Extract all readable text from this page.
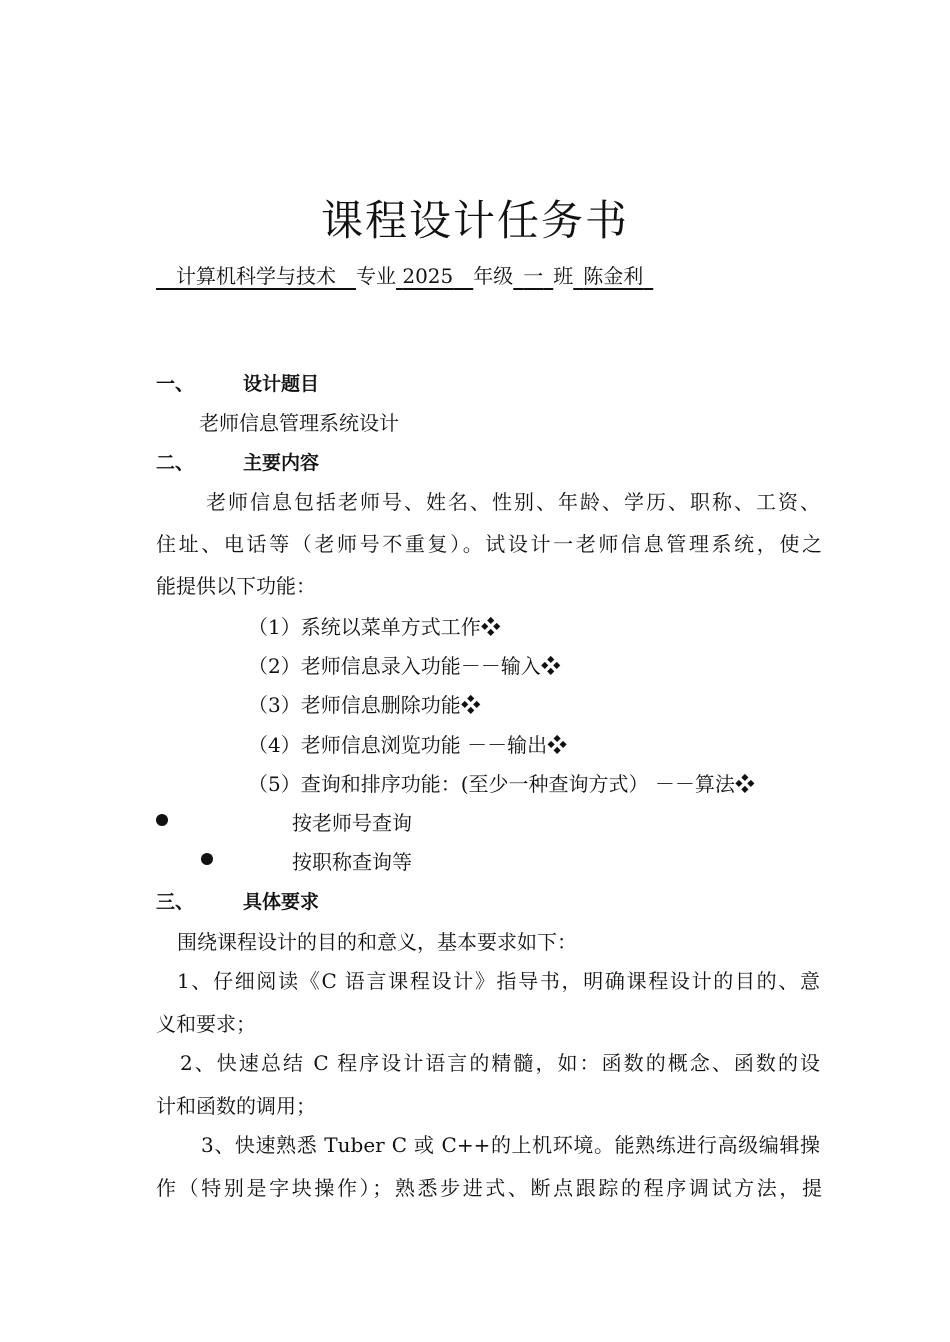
课程设计任务书
 计算机科学与技术  专业 2025  年级  一  班  陈金利 
一、	设计题目
老师信息管理系统设计
二、	主要内容
老师信息包括老师号、姓名、性别、年龄、学历、职称、工资、
住址、电话等（老师号不重复）。试设计一老师信息管理系统，使之
能提供以下功能：
（1）系统以菜单方式工作❖
（2）老师信息录入功能－－输入❖
（3）老师信息删除功能❖
（4）老师信息浏览功能 －－输出❖
（5）查询和排序功能：(至少一种查询方式） －－算法❖
按老师号查询
按职称查询等
三、	具体要求
围绕课程设计的目的和意义，基本要求如下：
1、仔细阅读《C 语言课程设计》指导书，明确课程设计的目的、意
义和要求；
2、快速总结 C 程序设计语言的精髓，如：函数的概念、函数的设
计和函数的调用；
3、快速熟悉 Tuber C 或 C++的上机环境。能熟练进行高级编辑操
作（特别是字块操作）；熟悉步进式、断点跟踪的程序调试方法，提
